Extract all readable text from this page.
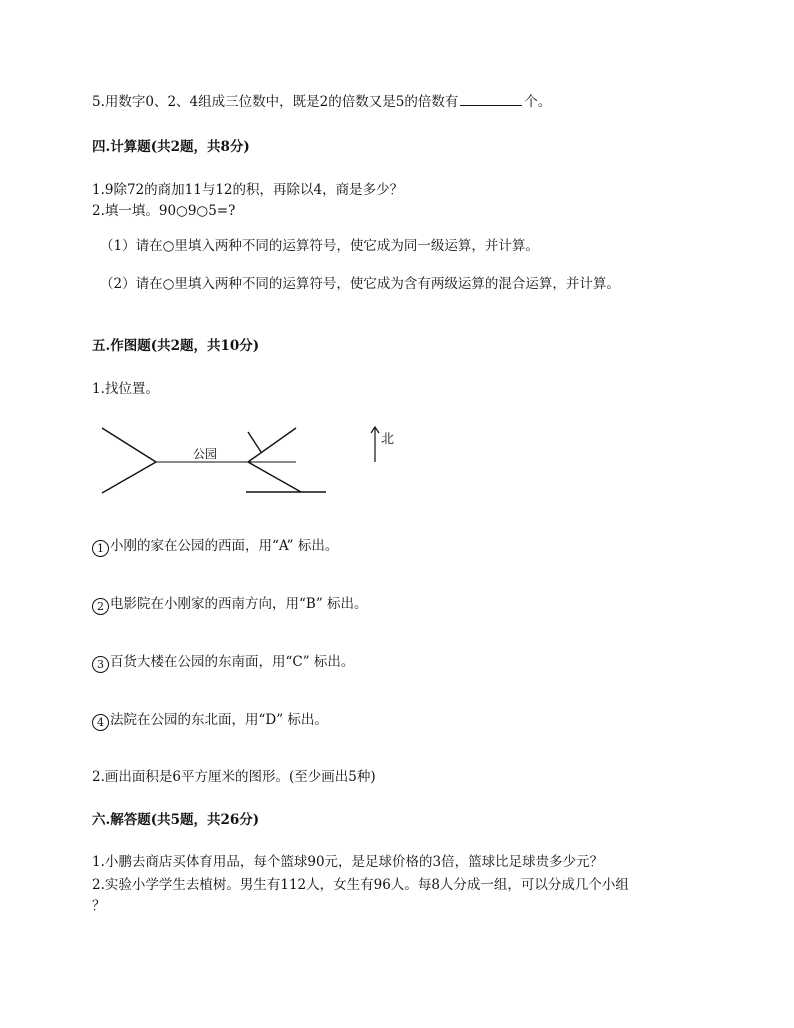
5.用数字0、2、4组成三位数中，既是2的倍数又是5的倍数有	个。
四.计算题(共2题，共8分)
1.9除72的商加11与12的积，再除以4，商是多少？
2.填一填。90○9○5=?
（1）请在○里填入两种不同的运算符号，使它成为同一级运算，并计算。
（2）请在○里填入两种不同的运算符号，使它成为含有两级运算的混合运算，并计算。
五.作图题(共2题，共10分)
1.找位置。
公园
北
1 小刚的家在公园的西面，用“A” 标出。
2 电影院在小刚家的西南方向，用“B” 标出。
3 百货大楼在公园的东南面，用“C” 标出。
4 法院在公园的东北面，用“D” 标出。
2.画出面积是6平方厘米的图形。(至少画出5种)
六.解答题(共5题，共26分)
1.小鹏去商店买体育用品，每个篮球90元，是足球价格的3倍，篮球比足球贵多少元？
2.实验小学学生去植树。男生有112人，女生有96人。每8人分成一组，可以分成几个小组
？
